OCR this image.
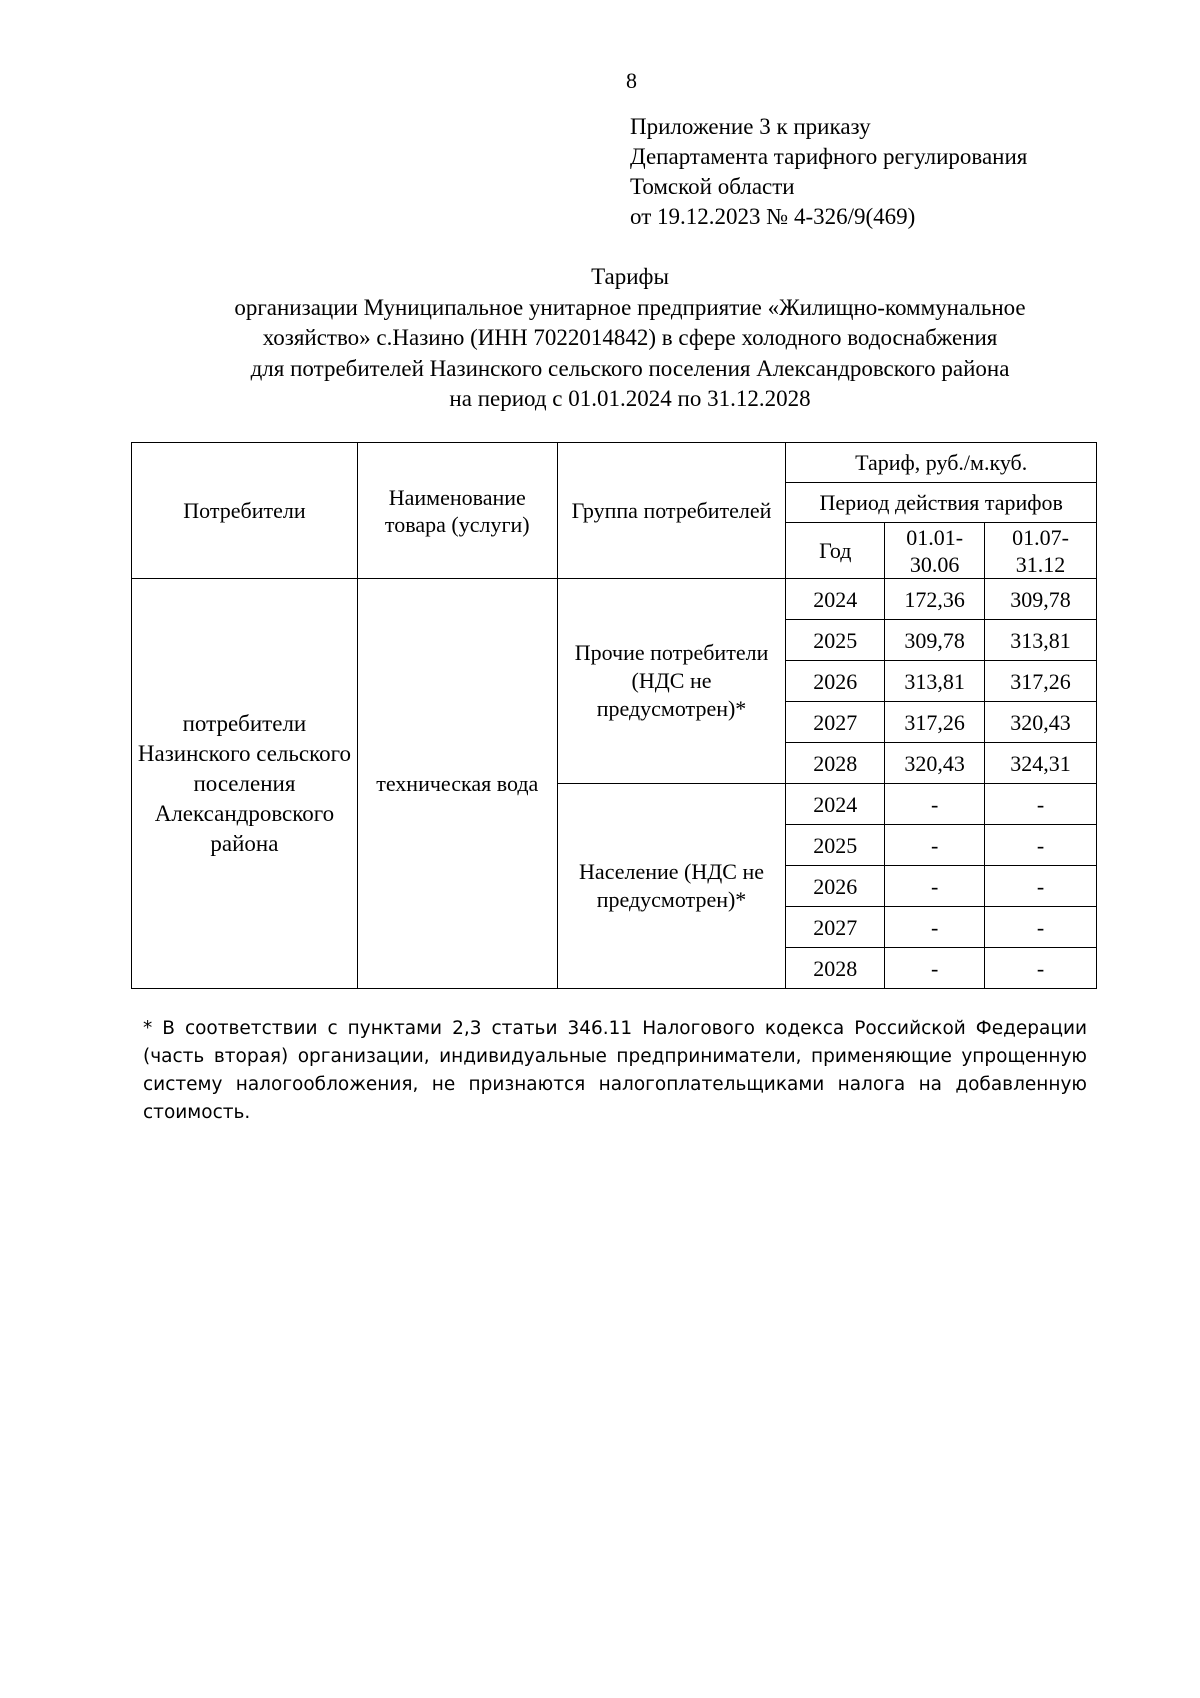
8
Приложение 3 к приказу
Департамента тарифного регулирования
Томской области
от 19.12.2023 № 4-326/9(469)
Тарифы
организации Муниципальное унитарное предприятие «Жилищно-коммунальное
хозяйство» с.Назино (ИНН 7022014842) в сфере холодного водоснабжения
для потребителей Назинского сельского поселения Александровского района
на период с 01.01.2024 по 31.12.2028
Потребители	Наименование товара (услуги)	Группа потребителей	Тариф, руб./м.куб.		
			Период действия тарифов		
			Год	01.01-30.06	01.07-31.12
потребители Назинского сельского поселения Александровского района	техническая вода	Прочие потребители (НДС не предусмотрен)*	2024	172,36	309,78
			2025	309,78	313,81
			2026	313,81	317,26
			2027	317,26	320,43
			2028	320,43	324,31
		Население (НДС не предусмотрен)*	2024	-	-
			2025	-	-
			2026	-	-
			2027	-	-
			2028	-	-
* В соответствии с пунктами 2,3 статьи 346.11 Налогового кодекса Российской Федерации (часть вторая) организации, индивидуальные предприниматели, применяющие упрощенную систему налогообложения, не признаются налогоплательщиками налога на добавленную стоимость.
